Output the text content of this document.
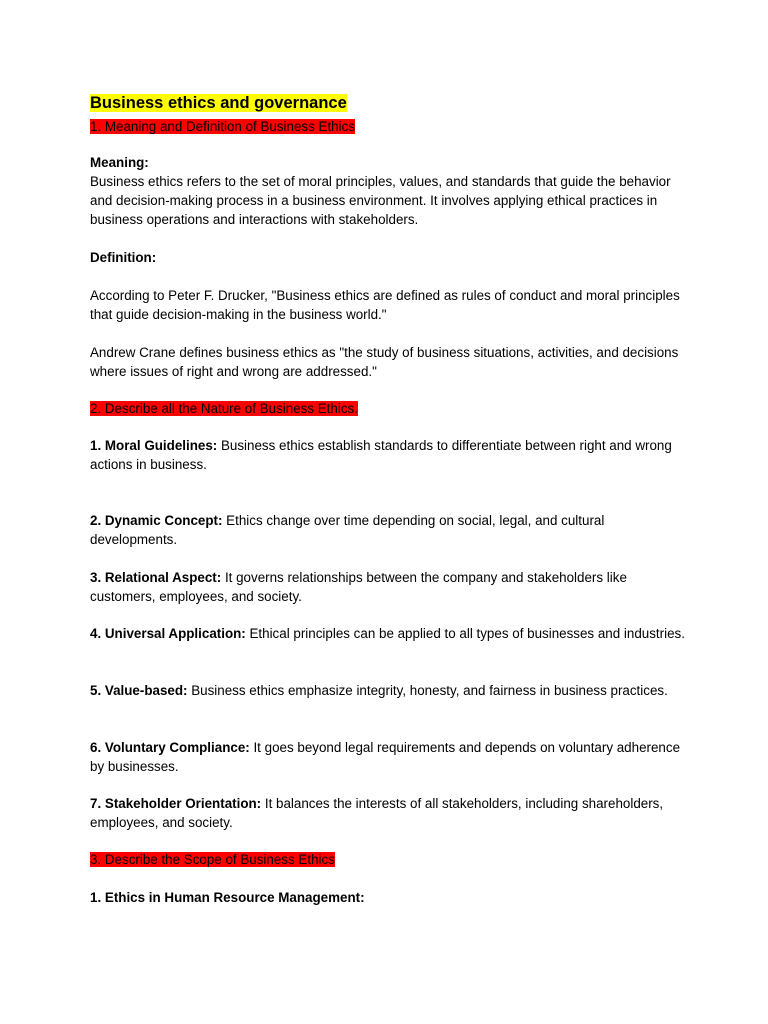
Business ethics and governance
1. Meaning and Definition of Business Ethics
Meaning:
Business ethics refers to the set of moral principles, values, and standards that guide the behavior and decision-making process in a business environment. It involves applying ethical practices in business operations and interactions with stakeholders.
Definition:
According to Peter F. Drucker, "Business ethics are defined as rules of conduct and moral principles that guide decision-making in the business world."
Andrew Crane defines business ethics as "the study of business situations, activities, and decisions where issues of right and wrong are addressed."
2. Describe all the Nature of Business Ethics.
1. Moral Guidelines: Business ethics establish standards to differentiate between right and wrong actions in business.
2. Dynamic Concept: Ethics change over time depending on social, legal, and cultural developments.
3. Relational Aspect: It governs relationships between the company and stakeholders like customers, employees, and society.
4. Universal Application: Ethical principles can be applied to all types of businesses and industries.
5. Value-based: Business ethics emphasize integrity, honesty, and fairness in business practices.
6. Voluntary Compliance: It goes beyond legal requirements and depends on voluntary adherence by businesses.
7. Stakeholder Orientation: It balances the interests of all stakeholders, including shareholders, employees, and society.
3. Describe the Scope of Business Ethics
1. Ethics in Human Resource Management:
